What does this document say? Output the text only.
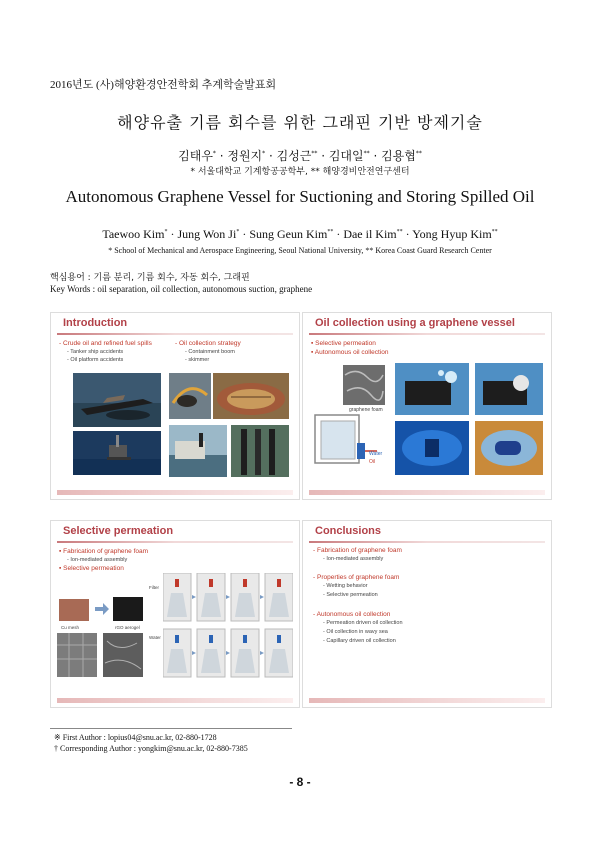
2016년도 (사)해양환경안전학회 추계학술발표회
해양유출 기름 회수를 위한 그래핀 기반 방제기술
김태우* · 정원지* · 김성근** · 김대일** · 김용협**
* 서울대학교 기계항공공학부, ** 해양경비안전연구센터
Autonomous Graphene Vessel for Suctioning and Storing Spilled Oil
Taewoo Kim* · Jung Won Ji* · Sung Geun Kim** · Dae il Kim** · Yong Hyup Kim**
* School of Mechanical and Aerospace Engineering, Seoul National University, ** Korea Coast Guard Research Center
핵심용어 : 기름 분리, 기름 회수, 자동 회수, 그래핀
Key Words : oil separation, oil collection, autonomous suction, graphene
Introduction
- Crude oil and refined fuel spills
- Tanker ship accidents
- Oil platform accidents
- Oil collection strategy
- Containment boom
- skimmer
Oil collection using a graphene vessel
▪ Selective permeation
▪ Autonomous oil collection
graphene foam
Water
Oil
Selective permeation
▪ Fabrication of graphene foam
- Ion-mediated assembly
▪ Selective permeation
Cu mesh	rGO aerogel
Filter
Water
Conclusions
- Fabrication of graphene foam
- Ion-mediated assembly
- Properties of graphene foam
- Wetting behavior
- Selective permeation
- Autonomous oil collection
- Permeation driven oil collection
- Oil collection in wavy sea
- Capillary driven oil collection
※ First Author : lopius04@snu.ac.kr, 02-880-1728
† Corresponding Author : yongkim@snu.ac.kr, 02-880-7385
- 8 -
